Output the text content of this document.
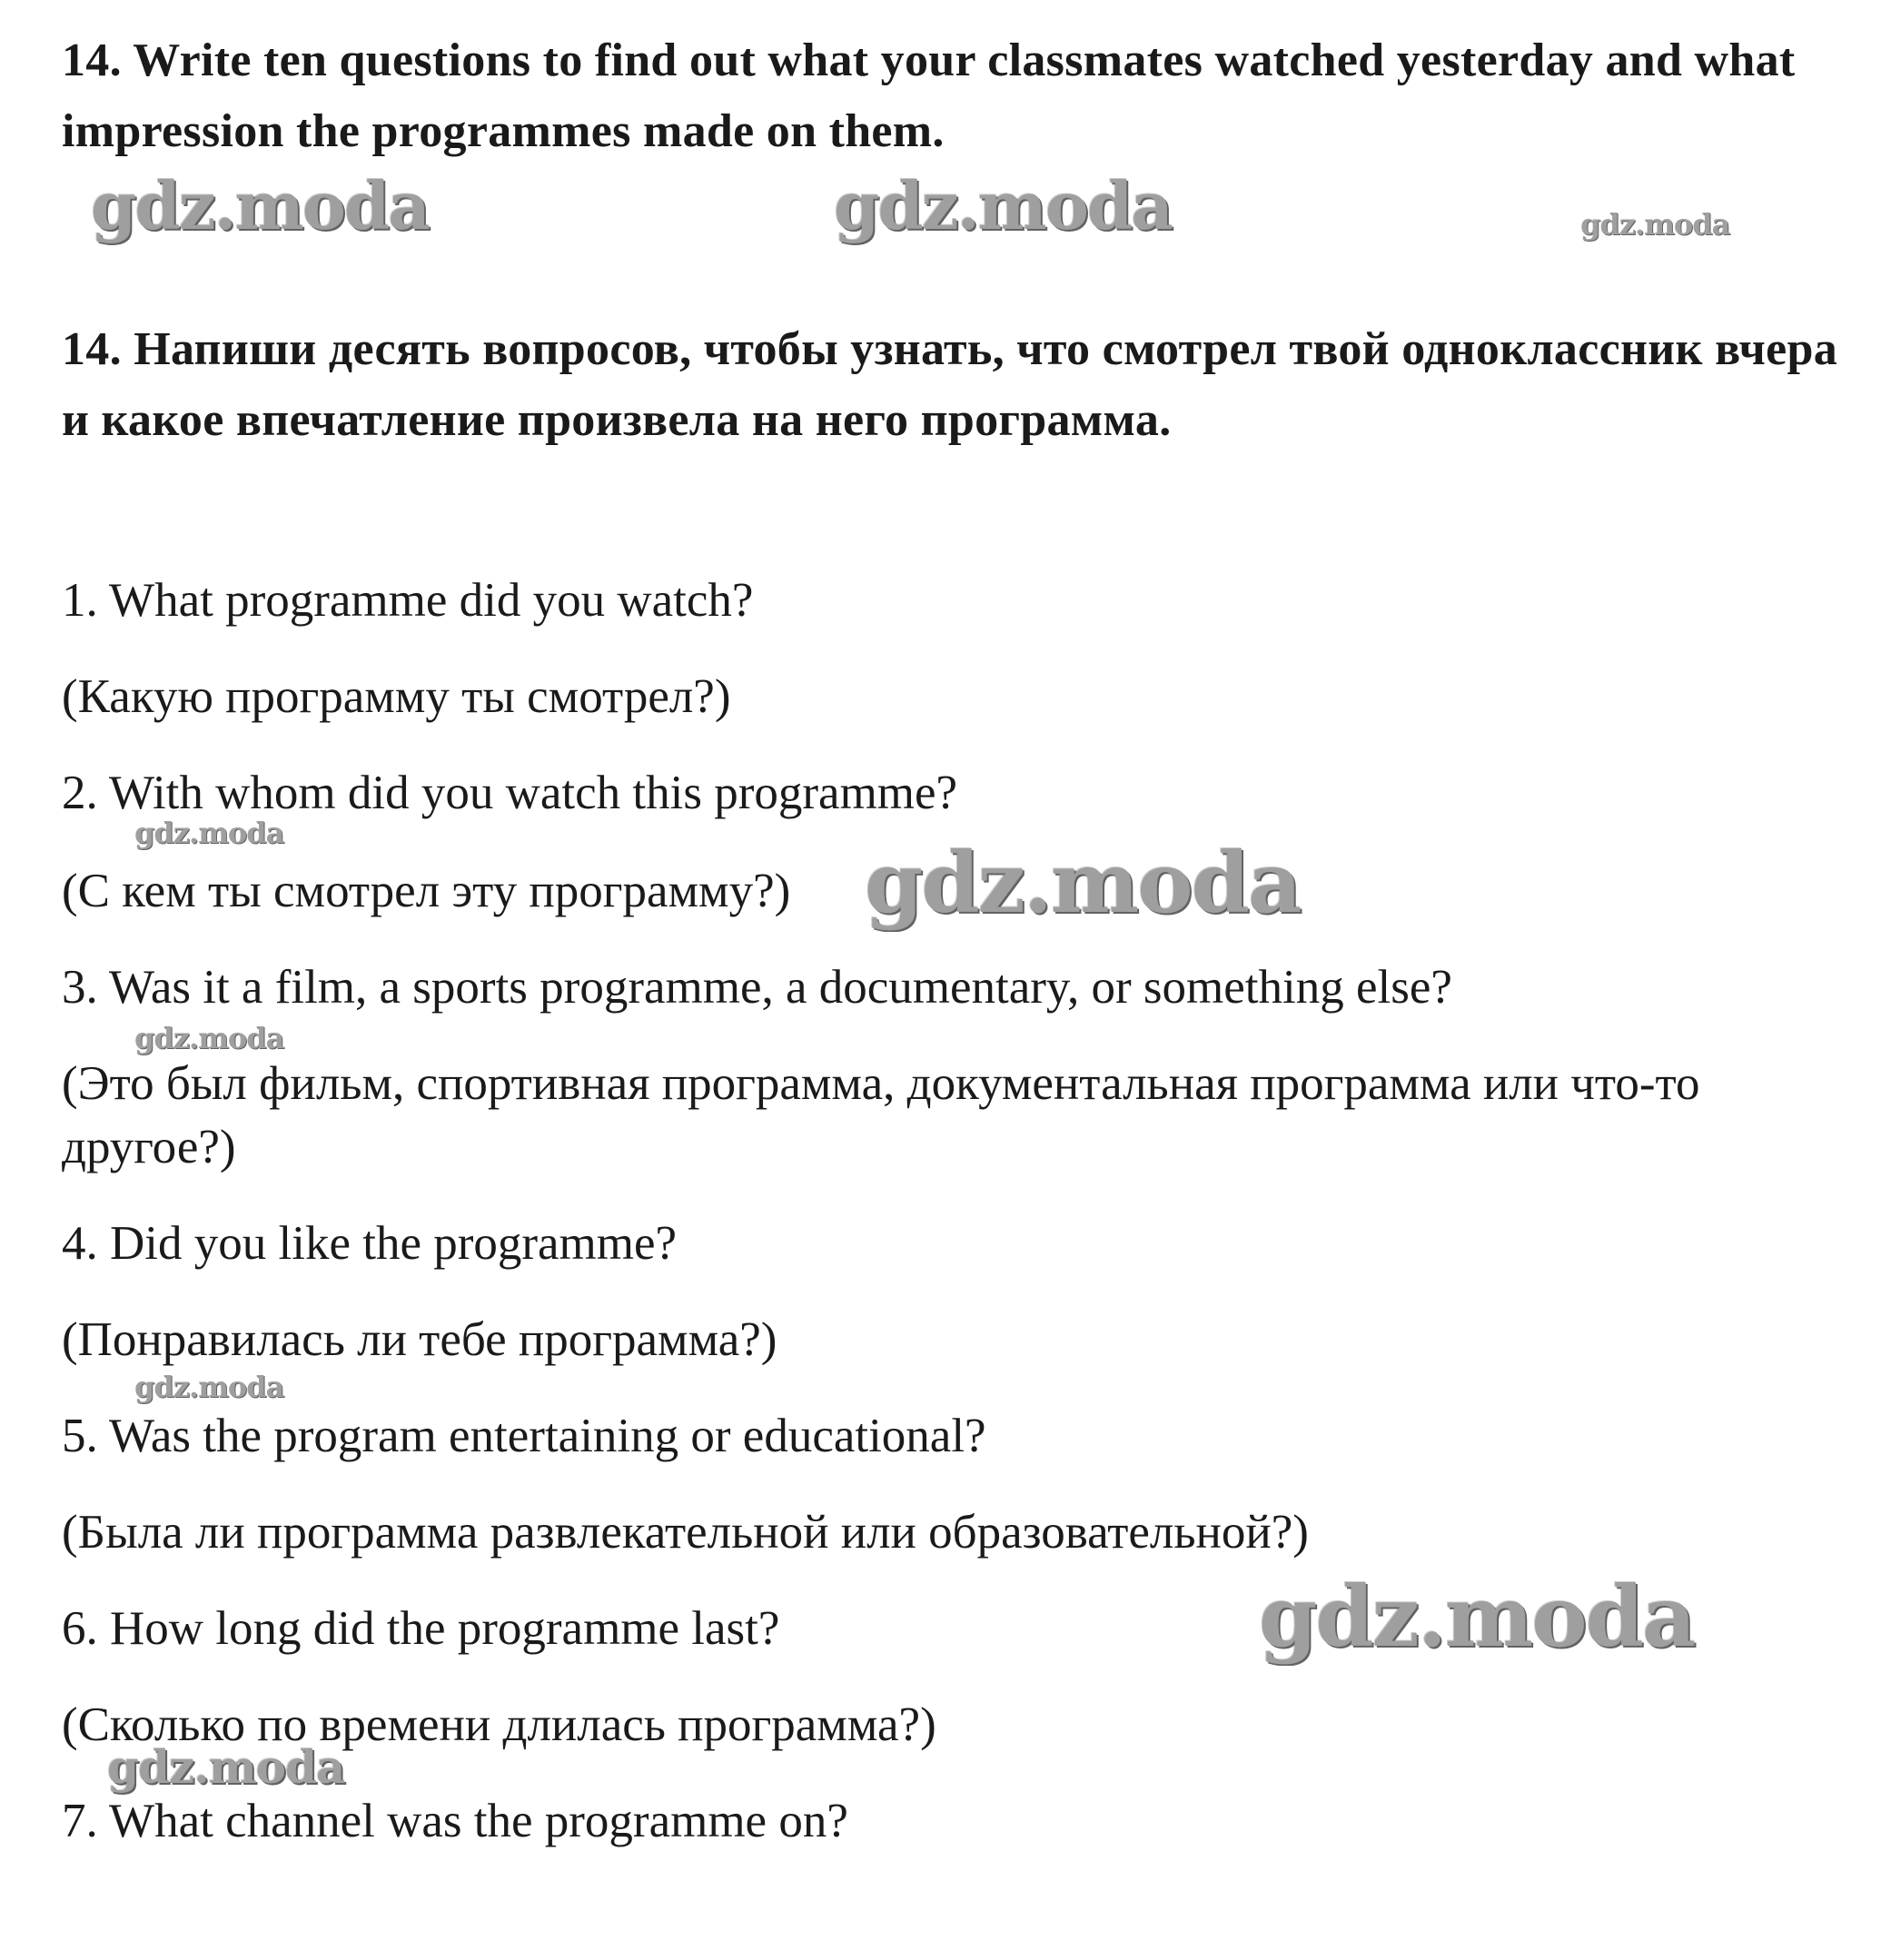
14. Write ten questions to find out what your classmates watched yesterday and what impression the programmes made on them.
14. Напиши десять вопросов, чтобы узнать, что смотрел твой одноклассник вчера и какое впечатление произвела на него программа.

1. What programme did you watch?

(Какую программу ты смотрел?)

2. With whom did you watch this programme?

(С кем ты смотрел эту программу?)

3. Was it a film, a sports programme, a documentary, or something else?

(Это был фильм, спортивная программа, документальная программа или что-то другое?)

4. Did you like the programme?

(Понравилась ли тебе программа?)

5. Was the program entertaining or educational?

(Была ли программа развлекательной или образовательной?)

6. How long did the programme last?

(Сколько по времени длилась программа?)

7. What channel was the programme on?

gdz.moda	gdz.moda	gdz.moda
gdz.moda
gdz.moda
gdz.moda
gdz.moda
gdz.moda
gdz.moda
